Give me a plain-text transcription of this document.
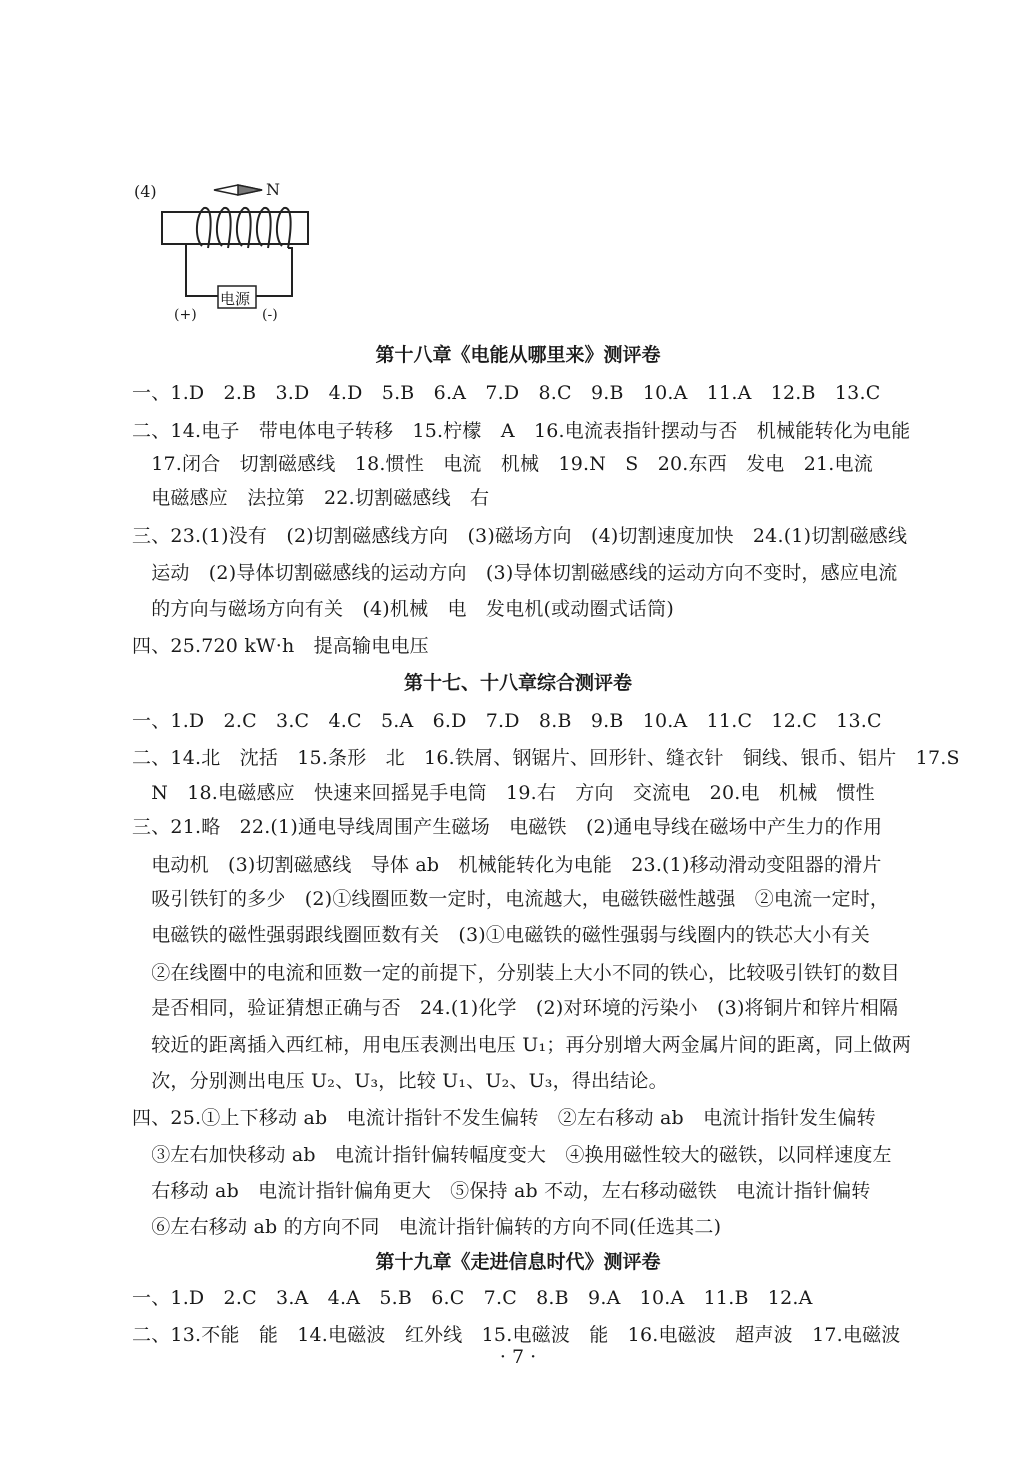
(4)	N
电源
(+)	(-)
第十八章《电能从哪里来》测评卷
一、1.D　2.B　3.D　4.D　5.B　6.A　7.D　8.C　9.B　10.A　11.A　12.B　13.C
二、14.电子　带电体电子转移　15.柠檬　A　16.电流表指针摆动与否　机械能转化为电能
　17.闭合　切割磁感线　18.惯性　电流　机械　19.N　S　20.东西　发电　21.电流
　电磁感应　法拉第　22.切割磁感线　右
三、23.(1)没有　(2)切割磁感线方向　(3)磁场方向　(4)切割速度加快　24.(1)切割磁感线
　运动　(2)导体切割磁感线的运动方向　(3)导体切割磁感线的运动方向不变时，感应电流
　的方向与磁场方向有关　(4)机械　电　发电机(或动圈式话筒)
四、25.720 kW·h　提高输电电压
第十七、十八章综合测评卷
一、1.D　2.C　3.C　4.C　5.A　6.D　7.D　8.B　9.B　10.A　11.C　12.C　13.C
二、14.北　沈括　15.条形　北　16.铁屑、钢锯片、回形针、缝衣针　铜线、银币、铝片　17.S
　N　18.电磁感应　快速来回摇晃手电筒　19.右　方向　交流电　20.电　机械　惯性
三、21.略　22.(1)通电导线周围产生磁场　电磁铁　(2)通电导线在磁场中产生力的作用
　电动机　(3)切割磁感线　导体 ab　机械能转化为电能　23.(1)移动滑动变阻器的滑片
　吸引铁钉的多少　(2)①线圈匝数一定时，电流越大，电磁铁磁性越强　②电流一定时，
　电磁铁的磁性强弱跟线圈匝数有关　(3)①电磁铁的磁性强弱与线圈内的铁芯大小有关
　②在线圈中的电流和匝数一定的前提下，分别装上大小不同的铁心，比较吸引铁钉的数目
　是否相同，验证猜想正确与否　24.(1)化学　(2)对环境的污染小　(3)将铜片和锌片相隔
　较近的距离插入西红柿，用电压表测出电压 U₁；再分别增大两金属片间的距离，同上做两
　次，分别测出电压 U₂、U₃，比较 U₁、U₂、U₃，得出结论。
四、25.①上下移动 ab　电流计指针不发生偏转　②左右移动 ab　电流计指针发生偏转
　③左右加快移动 ab　电流计指针偏转幅度变大　④换用磁性较大的磁铁，以同样速度左
　右移动 ab　电流计指针偏角更大　⑤保持 ab 不动，左右移动磁铁　电流计指针偏转
　⑥左右移动 ab 的方向不同　电流计指针偏转的方向不同(任选其二)
第十九章《走进信息时代》测评卷
一、1.D　2.C　3.A　4.A　5.B　6.C　7.C　8.B　9.A　10.A　11.B　12.A
二、13.不能　能　14.电磁波　红外线　15.电磁波　能　16.电磁波　超声波　17.电磁波
· 7 ·
